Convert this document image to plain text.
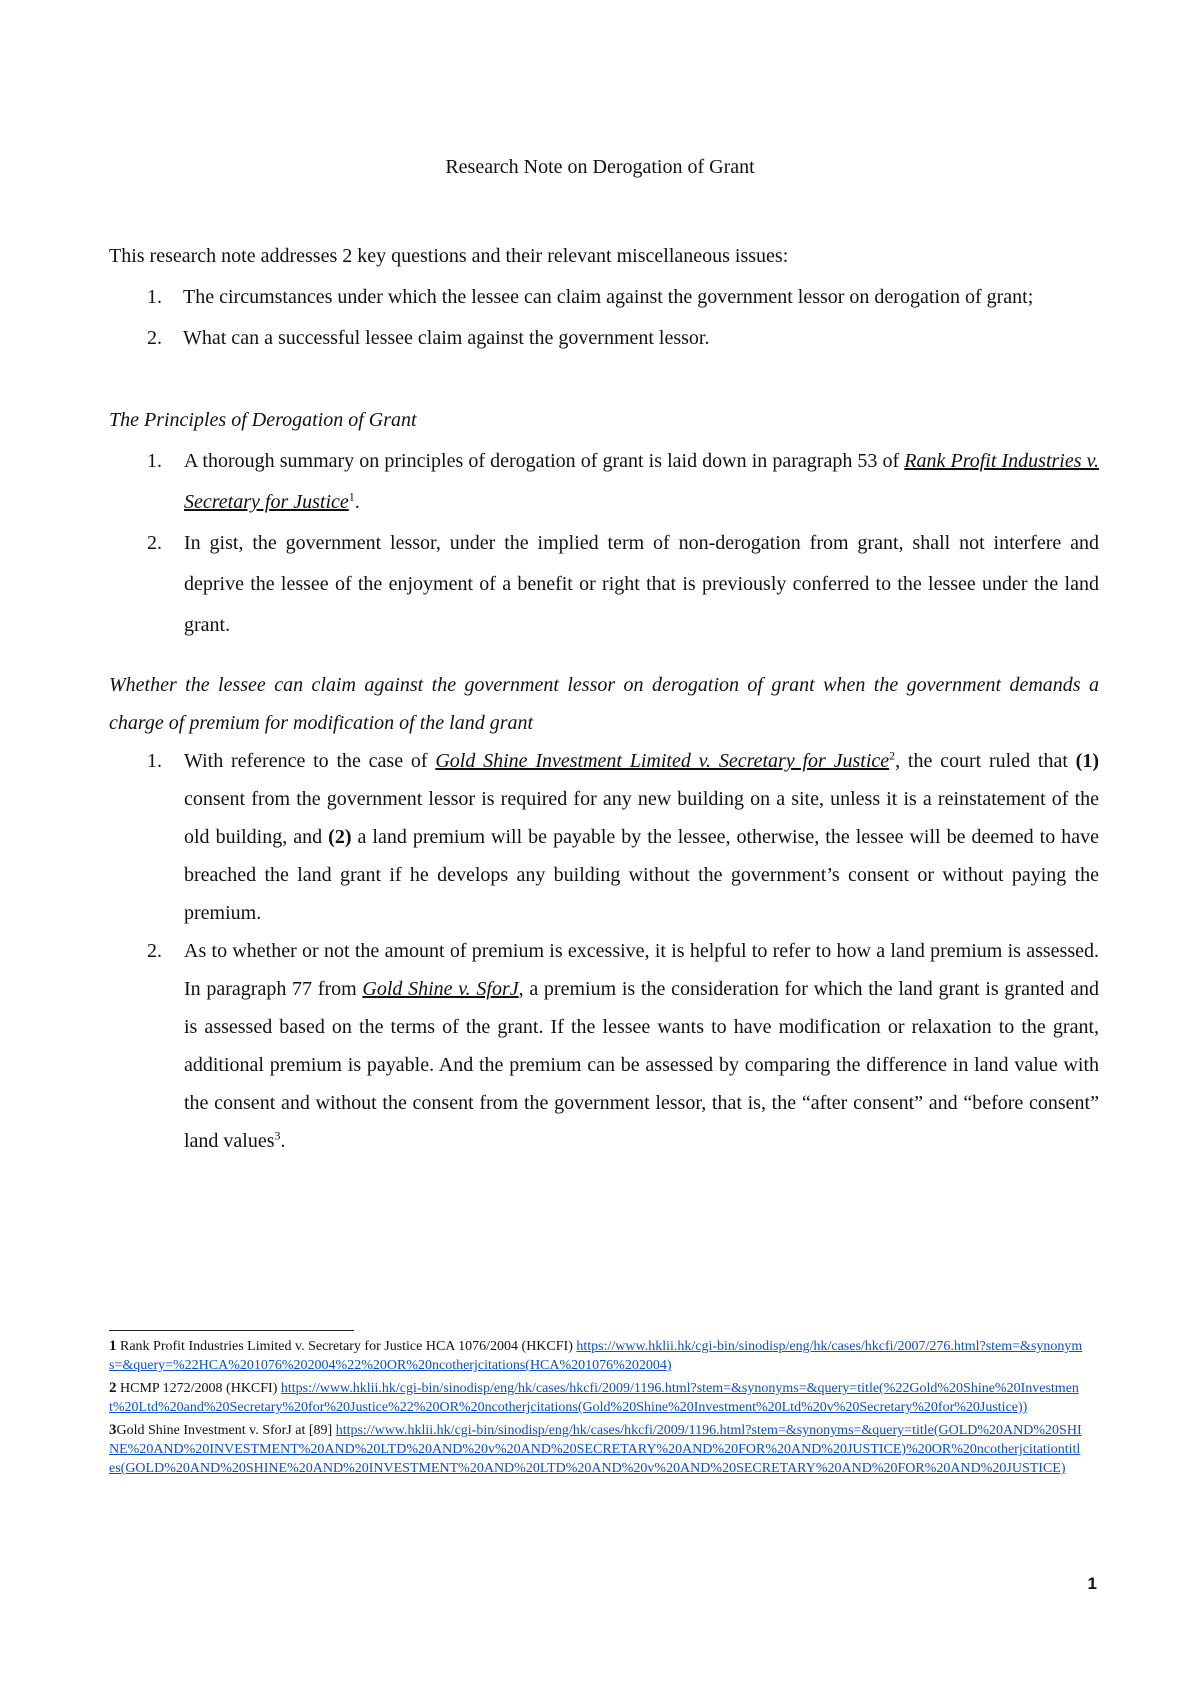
Research Note on Derogation of Grant
This research note addresses 2 key questions and their relevant miscellaneous issues:
1. The circumstances under which the lessee can claim against the government lessor on derogation of grant;
2. What can a successful lessee claim against the government lessor.
The Principles of Derogation of Grant
1. A thorough summary on principles of derogation of grant is laid down in paragraph 53 of Rank Profit Industries v. Secretary for Justice$^1$.
2. In gist, the government lessor, under the implied term of non-derogation from grant, shall not interfere and deprive the lessee of the enjoyment of a benefit or right that is previously conferred to the lessee under the land grant.
Whether the lessee can claim against the government lessor on derogation of grant when the government demands a charge of premium for modification of the land grant
1. With reference to the case of Gold Shine Investment Limited v. Secretary for Justice$^2$, the court ruled that (1) consent from the government lessor is required for any new building on a site, unless it is a reinstatement of the old building, and (2) a land premium will be payable by the lessee, otherwise, the lessee will be deemed to have breached the land grant if he develops any building without the government’s consent or without paying the premium.
2. As to whether or not the amount of premium is excessive, it is helpful to refer to how a land premium is assessed. In paragraph 77 from Gold Shine v. SforJ, a premium is the consideration for which the land grant is granted and is assessed based on the terms of the grant. If the lessee wants to have modification or relaxation to the grant, additional premium is payable. And the premium can be assessed by comparing the difference in land value with the consent and without the consent from the government lessor, that is, the “after consent” and “before consent” land values$^3$.
1 Rank Profit Industries Limited v. Secretary for Justice HCA 1076/2004 (HKCFI) https://www.hklii.hk/cgi-bin/sinodisp/eng/hk/cases/hkcfi/2007/276.html?stem=&synonyms=&query=%22HCA%201076%202004%22%20OR%20ncotherjcitations(HCA%201076%202004)
2 HCMP 1272/2008 (HKCFI) https://www.hklii.hk/cgi-bin/sinodisp/eng/hk/cases/hkcfi/2009/1196.html?stem=&synonyms=&query=title(%22Gold%20Shine%20Investment%20Ltd%20and%20Secretary%20for%20Justice%22%20OR%20ncotherjcitations(Gold%20Shine%20Investment%20Ltd%20v%20Secretary%20for%20Justice))
3Gold Shine Investment v. SforJ at [89] https://www.hklii.hk/cgi-bin/sinodisp/eng/hk/cases/hkcfi/2009/1196.html?stem=&synonyms=&query=title(GOLD%20AND%20SHINE%20AND%20INVESTMENT%20AND%20LTD%20AND%20v%20AND%20SECRETARY%20AND%20FOR%20AND%20JUSTICE)%20OR%20ncotherjcitationtitles(GOLD%20AND%20SHINE%20AND%20INVESTMENT%20AND%20LTD%20AND%20v%20AND%20SECRETARY%20AND%20FOR%20AND%20JUSTICE)
1
